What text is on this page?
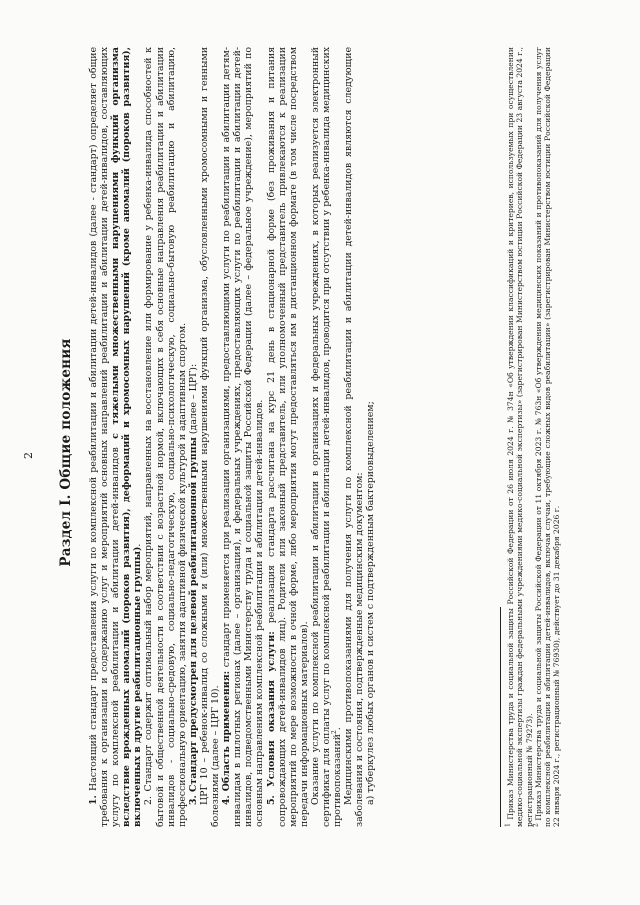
2 Раздел I. Общие положения

1. Настоящий стандарт предоставления услуги по комплексной реабилитации и абилитации детей-инвалидов (далее - стандарт) определяет общие требования к организации и содержанию услуг и мероприятий основных направлений реабилитации и абилитации детей-инвалидов, составляющих услугу по комплексной реабилитации и абилитации детей-инвалидов с тяжелыми множественными нарушениями функций организма вследствие врожденных аномалий (пороков развития), деформаций и хромосомных нарушений (кроме аномалий (пороков развития), включенных в другие реабилитационные группы). 2. Стандарт содержит оптимальный набор мероприятий, направленных на восстановление или формирование у ребенка-инвалида способностей к бытовой и общественной деятельности в соответствии с возрастной нормой, включающих в себя основные направления реабилитации и абилитации инвалидов - социально-средовую, социально-педагогическую, социально-психологическую, социально-бытовую реабилитацию и абилитацию, профессиональную ориентацию, занятия адаптивной физической культурой и адаптивным спортом. 3. Стандарт предусмотрен для целевой реабилитационной группы (далее – ЦРГ): ЦРГ 10 – ребенок-инвалид со сложными и (или) множественными нарушениями функций организма, обусловленными хромосомными и генными болезнями (далее – ЦРГ 10). 4. Область применения: стандарт применяется при реализации организациями, предоставляющими услуги по реабилитации и абилитации детям-инвалидам в пилотных регионах (далее – организация), и федеральных учреждениях, предоставляющих услуги по реабилитации и абилитации детей-инвалидов, подведомственными Министерству труда и социальной защиты Российской Федерации (далее – федеральное учреждение), мероприятий по основным направлениям комплексной реабилитации и абилитации детей-инвалидов. 5. Условия оказания услуги: реализация стандарта рассчитана на курс 21 день в стационарной форме (без проживания и питания сопровождающих детей-инвалидов лиц). Родители или законный представитель, или уполномоченный представитель привлекаются к реализации мероприятий по мере возможности в очной форме, либо мероприятия могут предоставляться им в дистанционном формате (в том числе посредством передачи информационных материалов). Оказание услуги по комплексной реабилитации и абилитации в организациях и федеральных учреждениях, в которых реализуется электронный сертификат для оплаты услуг по комплексной реабилитации и абилитации детей-инвалидов, проводится при отсутствии у ребенка-инвалида медицинских противопоказаний$^2$. Медицинскими противопоказаниями для получения услуги по комплексной реабилитации и абилитации детей-инвалидов являются следующие заболевания и состояния, подтвержденные медицинским документом: а) туберкулез любых органов и систем с подтвержденным бактериовыделением;

$^1$ Приказ Министерства труда и социальной защиты Российской Федерации от 26 июля 2024 г. № 374н «Об утверждении классификаций и критериев, используемых при осуществлении медико-социальной экспертизы граждан федеральными учреждениями медико-социальной экспертизы» (зарегистрирован Министерством юстиции Российской Федерации 23 августа 2024 г., регистрационный № 79273).

$^2$ Приказ Министерства труда и социальной защиты Российской Федерации от 11 октября 2023 г. № 763н «Об утверждении медицинских показаний и противопоказаний для получения услуг по комплексной реабилитации и абилитации детей-инвалидов, включая случаи, требующие сложных видов реабилитации» (зарегистрирован Министерством юстиции Российской Федерации 22 января 2024 г., регистрационный № 76930), действует до 31 декабря 2026 г.
